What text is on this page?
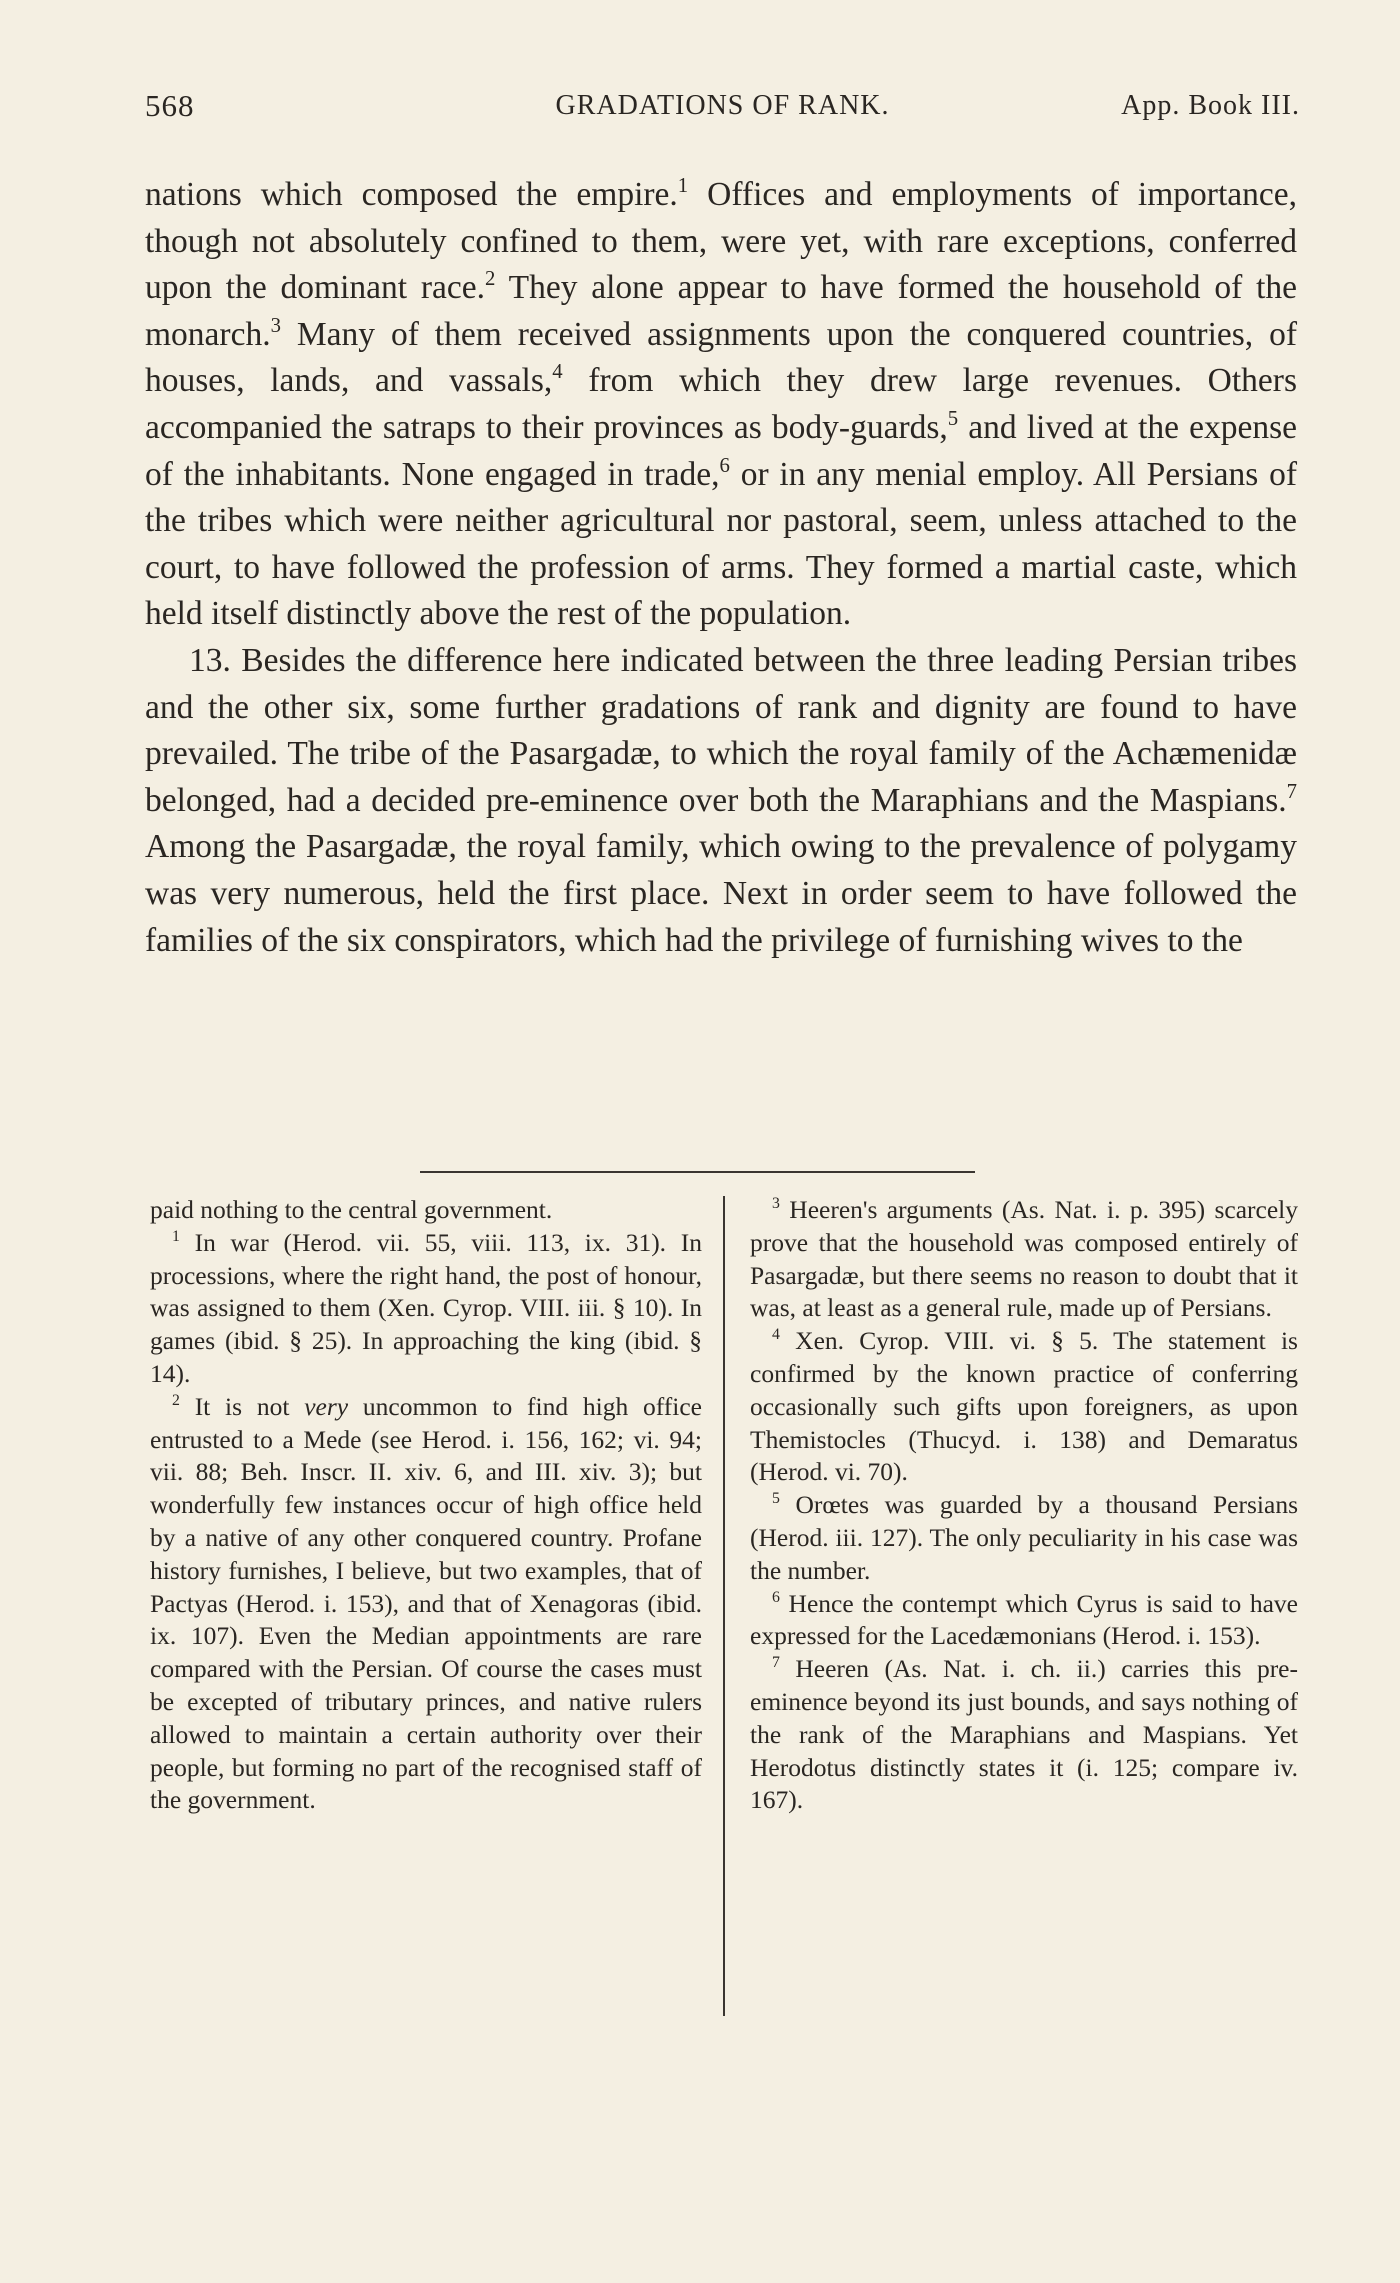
568	GRADATIONS OF RANK.	App. Book III.

nations which composed the empire.$^1$ Offices and employments of importance, though not absolutely confined to them, were yet, with rare exceptions, conferred upon the dominant race.$^2$ They alone appear to have formed the household of the monarch.$^3$ Many of them received assignments upon the conquered countries, of houses, lands, and vassals,$^4$ from which they drew large revenues. Others accompanied the satraps to their provinces as body-guards,$^5$ and lived at the expense of the inhabitants. None engaged in trade,$^6$ or in any menial employ. All Persians of the tribes which were neither agricultural nor pastoral, seem, unless attached to the court, to have followed the profession of arms. They formed a martial caste, which held itself distinctly above the rest of the population.

13. Besides the difference here indicated between the three leading Persian tribes and the other six, some further gradations of rank and dignity are found to have prevailed. The tribe of the Pasargadæ, to which the royal family of the Achæmenidæ belonged, had a decided pre-eminence over both the Maraphians and the Maspians.$^7$ Among the Pasargadæ, the royal family, which owing to the prevalence of polygamy was very numerous, held the first place. Next in order seem to have followed the families of the six conspirators, which had the privilege of furnishing wives to the

paid nothing to the central government.

$^1$ In war (Herod. vii. 55, viii. 113, ix. 31). In processions, where the right hand, the post of honour, was assigned to them (Xen. Cyrop. VIII. iii. § 10). In games (ibid. § 25). In approaching the king (ibid. § 14).

$^2$ It is not very uncommon to find high office entrusted to a Mede (see Herod. i. 156, 162; vi. 94; vii. 88; Beh. Inscr. II. xiv. 6, and III. xiv. 3); but wonderfully few instances occur of high office held by a native of any other conquered country. Profane history furnishes, I believe, but two examples, that of Pactyas (Herod. i. 153), and that of Xenagoras (ibid. ix. 107). Even the Median appointments are rare compared with the Persian. Of course the cases must be excepted of tributary princes, and native rulers allowed to maintain a certain authority over their people, but forming no part of the recognised staff of the government.

$^3$ Heeren's arguments (As. Nat. i. p. 395) scarcely prove that the household was composed entirely of Pasargadæ, but there seems no reason to doubt that it was, at least as a general rule, made up of Persians.

$^4$ Xen. Cyrop. VIII. vi. § 5. The statement is confirmed by the known practice of conferring occasionally such gifts upon foreigners, as upon Themistocles (Thucyd. i. 138) and Demaratus (Herod. vi. 70).

$^5$ Orœtes was guarded by a thousand Persians (Herod. iii. 127). The only peculiarity in his case was the number.

$^6$ Hence the contempt which Cyrus is said to have expressed for the Lacedæmonians (Herod. i. 153).

$^7$ Heeren (As. Nat. i. ch. ii.) carries this pre-eminence beyond its just bounds, and says nothing of the rank of the Maraphians and Maspians. Yet Herodotus distinctly states it (i. 125; compare iv. 167).
